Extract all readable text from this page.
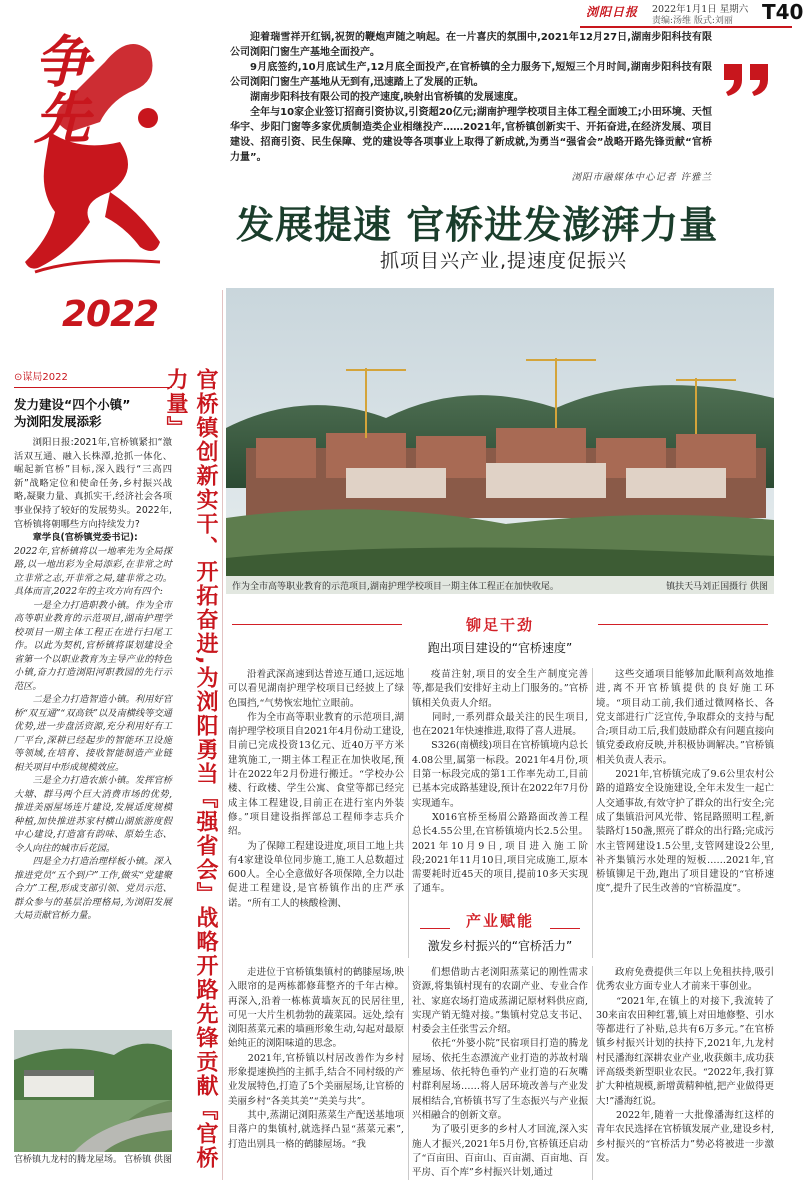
浏阳日报 2022年1月1日 星期六
责编:汤维 版式:刘丽 T40
争先
2022
迎着瑞雪祥开红锅,祝贺的鞭炮声随之响起。在一片喜庆的氛围中,2021年12月27日,湖南步阳科技有限公司浏阳门窗生产基地全面投产。
9月底签约,10月底试生产,12月底全面投产,在官桥镇的全力服务下,短短三个月时间,湖南步阳科技有限公司浏阳门窗生产基地从无到有,迅速踏上了发展的正轨。
湖南步阳科技有限公司的投产速度,映射出官桥镇的发展速度。
全年与10家企业签订招商引资协议,引资超20亿元;湖南护理学校项目主体工程全面竣工;小田环境、天恒华宇、步阳门窗等多家优质制造类企业相继投产……2021年,官桥镇创新实干、开拓奋进,在经济发展、项目建设、招商引资、民生保障、党的建设等各项事业上取得了新成就,为勇当“强省会”战略开路先锋贡献“官桥力量”。
浏阳市融媒体中心记者 许雅兰
发展提速 官桥进发澎湃力量
抓项目兴产业,提速度促振兴
作为全市高等职业教育的示范项目,湖南护理学校项目一期主体工程正在加快收尾。	镇扶天马刘正国摄行 供图
⊙谋局2022
发力建设“四个小镇”
为浏阳发展添彩
浏阳日报:2021年,官桥镇紧扣“激活双互通、融入长株潭,抢抓一体化、崛起新官桥”目标,深入践行“三高四新”战略定位和使命任务,乡村振兴战略,凝聚力量、真抓实干,经济社会各项事业保持了较好的发展势头。2022年,官桥镇将朝哪些方向持续发力?
章学良(官桥镇党委书记):
2022年,官桥镇将以一地率先为全局探路,以一地出彩为全局添彩,在非常之时立非常之志,开非常之局,建非常之功。具体而言,2022年的主攻方向有四个:
　　一是全力打造职教小镇。作为全市高等职业教育的示范项目,湖南护理学校项目一期主体工程正在进行扫尾工作。以此为契机,官桥镇将谋划建设全省第一个以职业教育为主导产业的特色小镇,奋力打造浏阳河职教园的先行示范区。
　　二是全力打造智造小镇。利用好官桥“双互通”“双高铁”以及南横线等交通优势,进一步盘活资源,充分利用好有工厂平台,深耕已经起步的智能环卫设施等领域,在培育、接收智能制造产业链相关项目中形成规模效应。
　　三是全力打造农旅小镇。发挥官桥大塘、群马两个巨大消费市场的优势,推进美丽屋场连片建设,发展适度规模种植,加快推进苏家村横山湖旅游度假中心建设,打造富有韵味、原始生态、令人向往的城市后花园。
　　四是全力打造治理样板小镇。深入推进党员“五个到户”工作,做实“党建聚合力”工程,形成支部引领、党员示范、群众参与的基层治理格局,为浏阳发展大局贡献官桥力量。
官桥镇九龙村的腾龙屋场。 官桥镇 供图 官桥镇创新实干、开拓奋进,为浏阳勇当『强省会』战略开路先锋贡献『官桥力量』
铆足干劲
跑出项目建设的“官桥速度”
沿着武深高速到达普迹互通口,远远地可以看见湖南护理学校项目已经披上了绿色围挡,“气势恢宏地忙立眼前。
　　作为全市高等职业教育的示范项目,湖南护理学校项目自2021年4月份动工建设,目前已完成投资13亿元、近40万平方米建筑施工,一期主体工程正在加快收尾,预计在2022年2月份进行搬迁。“学校办公楼、行政楼、学生公寓、食堂等都已经完成主体工程建设,目前正在进行室内外装修。”项目建设指挥部总工程师李志兵介绍。
　　为了保障工程建设进度,项目工地上共有4家建设单位同步施工,施工人总数超过600人。全心全意做好各项保障,全力以赴促进工程建设,是官桥镇作出的庄严承诺。“所有工人的核酸检测、
疫苗注射,项目的安全生产制度完善等,都是我们安排好主动上门服务的。”官桥镇相关负责人介绍。
　　同时,一系列群众最关注的民生项目,也在2021年快速推进,取得了喜人进展。
　　S326(南横线)项目在官桥镇境内总长4.08公里,属第一标段。2021年4月份,项目第一标段完成的第1工作率先动工,目前已基本完成路基建设,预计在2022年7月份实现通车。
　　X016官桥至杨眉公路路面改善工程总长4.55公里,在官桥镇境内长2.5公里。2021年10月9日,项目进入施工阶段;2021年11月10日,项目完成施工,原本需要耗时近45天的项目,提前10多天实现了通车。
这些交通项目能够加此顺利高效地推进,离不开官桥镇提供的良好施工环境。“项目动工前,我们通过微网格长、各党支部进行广泛宣传,争取群众的支持与配合;项目动工后,我们鼓励群众有问题直接向镇党委政府反映,并积极协调解决。”官桥镇相关负责人表示。
　　2021年,官桥镇完成了9.6公里农村公路的道路安全设施建设,全年未发生一起亡人交通事故,有效守护了群众的出行安全;完成了集镇沿河风光带、铭昆路照明工程,新装路灯150盏,照亮了群众的出行路;完成污水主管网建设1.5公里,支管网建设2公里,补齐集镇污水处理的短板……2021年,官桥镇铆足干劲,跑出了项目建设的“官桥速度”,提升了民生改善的“官桥温度”。
产业赋能
激发乡村振兴的“官桥活力”
走进位于官桥镇集镇村的鹤膝屋场,映入眼帘的是两栋都修葺整齐的千年古樟。再深入,沿着一栋栋黄墙灰瓦的民居往里,可见一大片生机勃勃的蔬菜园。远处,绘有浏阳蒸菜元素的墙画形象生动,勾起对最原始纯正的浏阳味道的思念。
　　2021年,官桥镇以村居改善作为乡村形象提速换挡的主抓手,结合不同村级的产业发展特色,打造了5个美丽屋场,让官桥的美丽乡村“各美其美”“美美与共”。
　　其中,蒸湖记浏阳蒸菜生产配送基地项目落户的集镇村,就选择凸显“蒸菜元素”,打造出别具一格的鹤膝屋场。“我
们想借助古老浏阳蒸菜记的刚性需求资源,将集镇村现有的农副产业、专业合作社、家庭农场打造成蒸湖记原材料供应商,实现产销无缝对接。”集镇村党总支书记、村委会主任张雪云介绍。
　　依托“外婆小院”民宿项目打造的腾龙屋场、依托生态漂流产业打造的苏故村瑞雅屋场、依托特色垂钓产业打造的石灰嘴村群利屋场……将人居环境改善与产业发展相结合,官桥镇书写了生态振兴与产业振兴相融合的创新文章。
　　为了吸引更多的乡村人才回流,深入实施人才振兴,2021年5月份,官桥镇还启动了“百亩田、百亩山、百亩湖、百亩地、百平房、百个库”乡村振兴计划,通过
政府免费提供三年以上免租扶持,吸引优秀农业方面专业人才前来干事创业。
　　“2021年,在镇上的对接下,我流转了30来亩农田种红薯,镇上对田地修整、引水等都进行了补贴,总共有6万多元。”在官桥镇乡村振兴计划的扶持下,2021年,九龙村村民潘海红深耕农业产业,收获颇丰,成功获评高级类新型职业农民。“2022年,我打算扩大种植规模,新增黄精种植,把产业做得更大!”潘海红说。
　　2022年,随着一大批像潘海红这样的青年农民选择在官桥镇发展产业,建设乡村,乡村振兴的“官桥活力”势必将被进一步激发。
